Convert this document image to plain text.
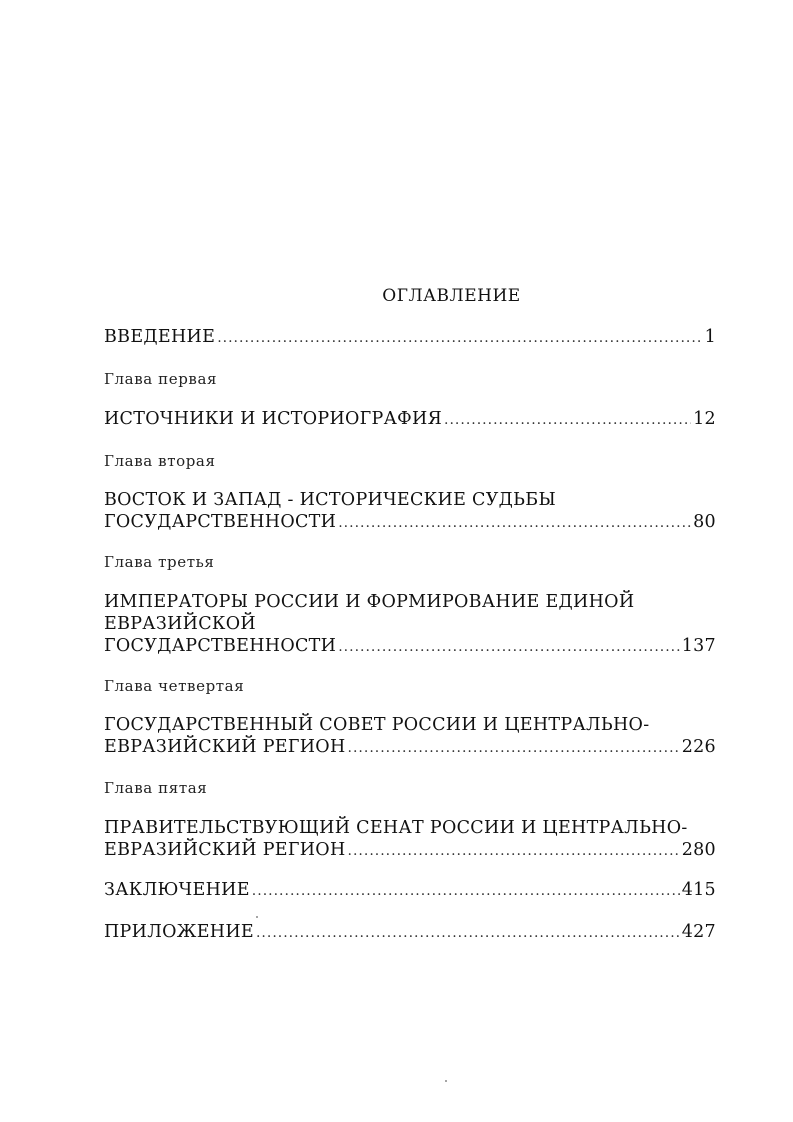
ОГЛАВЛЕНИЕ
ВВЕДЕНИЕ .....	1
Глава первая
ИСТОЧНИКИ И ИСТОРИОГРАФИЯ .....	12
Глава вторая
ВОСТОК И ЗАПАД - ИСТОРИЧЕСКИЕ СУДЬБЫ
ГОСУДАРСТВЕННОСТИ .....	80
Глава третья
ИМПЕРАТОРЫ РОССИИ И ФОРМИРОВАНИЕ ЕДИНОЙ
ЕВРАЗИЙСКОЙ
ГОСУДАРСТВЕННОСТИ .....	137
Глава четвертая
ГОСУДАРСТВЕННЫЙ СОВЕТ РОССИИ И ЦЕНТРАЛЬНО-
ЕВРАЗИЙСКИЙ РЕГИОН .....	226
Глава пятая
ПРАВИТЕЛЬСТВУЮЩИЙ СЕНАТ РОССИИ И ЦЕНТРАЛЬНО-
ЕВРАЗИЙСКИЙ РЕГИОН .....	280
ЗАКЛЮЧЕНИЕ .....	415
ПРИЛОЖЕНИЕ .....	427
